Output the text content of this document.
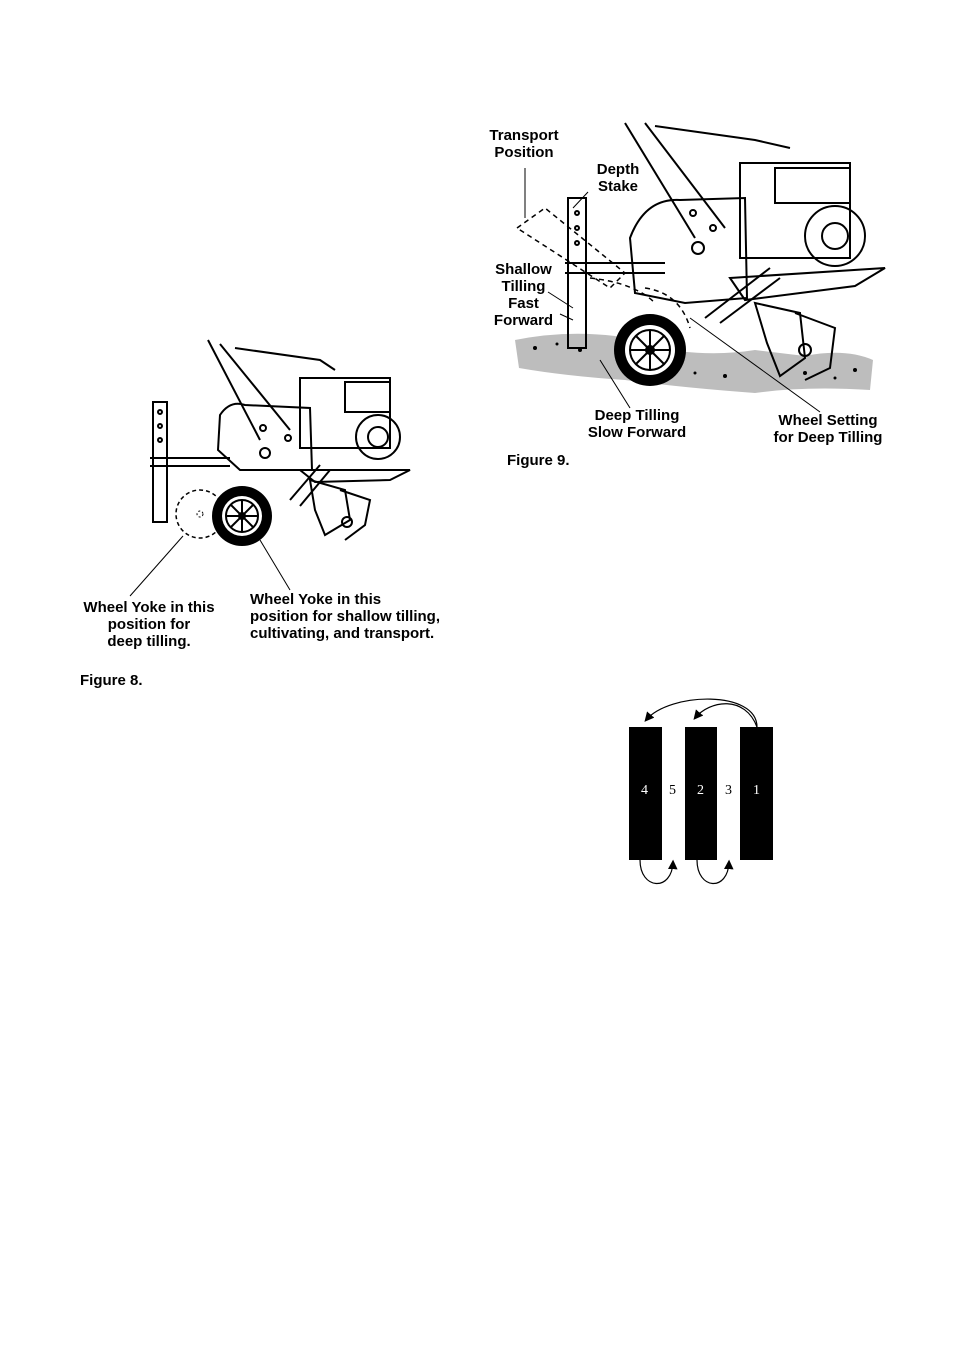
Wheel Yoke in this
position for
deep tilling.
Wheel Yoke in this
position for shallow tilling,
cultivating, and transport.
Figure 8.
Transport
Position
Depth
Stake
Shallow
Tilling
Fast
Forward
Deep Tilling
Slow Forward
Wheel Setting
for Deep Tilling
Figure 9.
4 5 2 3 1
